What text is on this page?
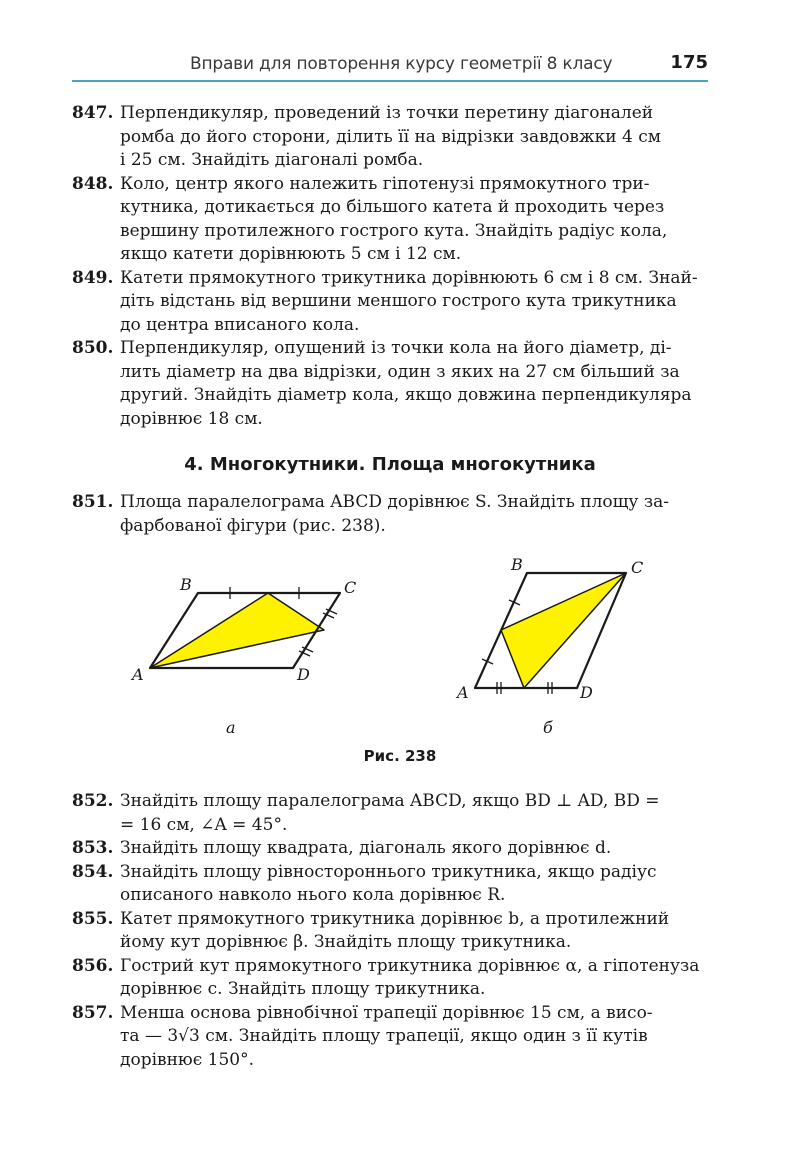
Вправи для повторення курсу геометрії 8 класу	175
847. Перпендикуляр, проведений із точки перетину діагоналей
ромба до його сторони, ділить її на відрізки завдовжки 4 см
і 25 см. Знайдіть діагоналі ромба.
848. Коло, центр якого належить гіпотенузі прямокутного три-
кутника, дотикається до більшого катета й проходить через
вершину протилежного гострого кута. Знайдіть радіус кола,
якщо катети дорівнюють 5 см і 12 см.
849. Катети прямокутного трикутника дорівнюють 6 см і 8 см. Знай-
діть відстань від вершини меншого гострого кута трикутника
до центра вписаного кола.
850. Перпендикуляр, опущений із точки кола на його діаметр, ді-
лить діаметр на два відрізки, один з яких на 27 см більший за
другий. Знайдіть діаметр кола, якщо довжина перпендикуляра
дорівнює 18 см.
4. Многокутники. Площа многокутника
851. Площа паралелограма ABCD дорівнює S. Знайдіть площу за-
фарбованої фігури (рис. 238).
A
B	C
D
а
A
B	C
D
б
Рис. 238
852. Знайдіть площу паралелограма ABCD, якщо BD ⊥ AD, BD =
= 16 см, ∠A = 45°.
853. Знайдіть площу квадрата, діагональ якого дорівнює d.
854. Знайдіть площу рівностороннього трикутника, якщо радіус
описаного навколо нього кола дорівнює R.
855. Катет прямокутного трикутника дорівнює b, а протилежний
йому кут дорівнює β. Знайдіть площу трикутника.
856. Гострий кут прямокутного трикутника дорівнює α, а гіпотенуза
дорівнює c. Знайдіть площу трикутника.
857. Менша основа рівнобічної трапеції дорівнює 15 см, а висо-
та — 3√3 см. Знайдіть площу трапеції, якщо один з її кутів
дорівнює 150°.
